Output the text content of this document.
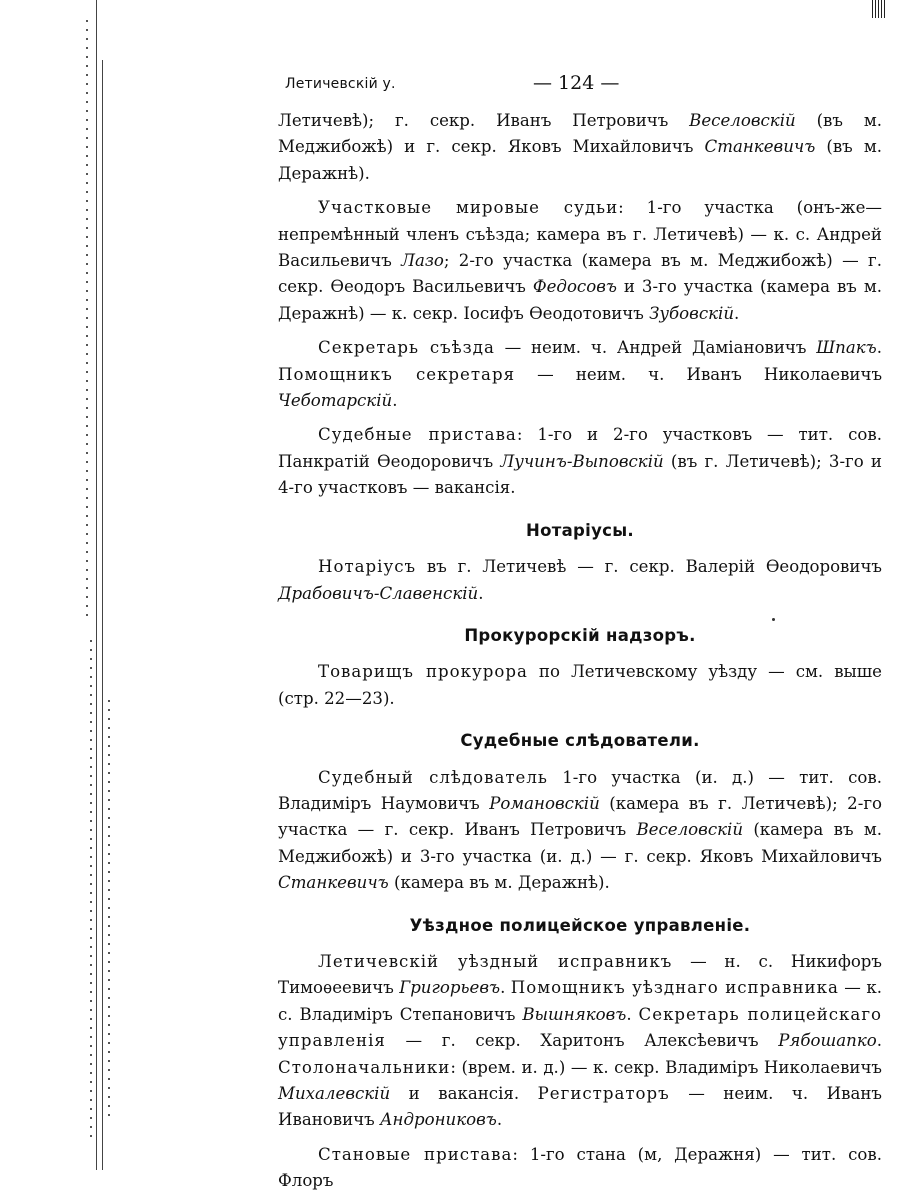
Летичевскій у.	— 124 —

Летичевѣ); г. секр. Иванъ Петровичъ Веселовскій (въ м. Меджибожѣ) и г. секр. Яковъ Михайловичъ Станкевичъ (въ м. Деражнѣ).

Участковые мировые судьи: 1-го участка (онъ-же—непремѣнный членъ съѣзда; камера въ г. Летичевѣ) — к. с. Андрей Васильевичъ Лазо; 2-го участка (камера въ м. Меджибожѣ) — г. секр. Ѳеодоръ Васильевичъ Федосовъ и 3-го участка (камера въ м. Деражнѣ) — к. секр. Іосифъ Ѳеодотовичъ Зубовскій.

Секретарь съѣзда — неим. ч. Андрей Даміановичъ Шпакъ. Помощникъ секретаря — неим. ч. Иванъ Николаевичъ Чеботарскій.

Судебные пристава: 1-го и 2-го участковъ — тит. сов. Панкратій Ѳеодоровичъ Лучинъ-Выповскій (въ г. Летичевѣ); 3-го и 4-го участковъ — вакансія.

Нотаріусы.

Нотаріусъ въ г. Летичевѣ — г. секр. Валерій Ѳеодоровичъ Драбовичъ-Славенскій.

Прокурорскій надзоръ.

Товарищъ прокурора по Летичевскому уѣзду — см. выше (стр. 22—23).

Судебные слѣдователи.

Судебный слѣдователь 1-го участка (и. д.) — тит. сов. Владиміръ Наумовичъ Романовскій (камера въ г. Летичевѣ); 2-го участка — г. секр. Иванъ Петровичъ Веселовскій (камера въ м. Меджибожѣ) и 3-го участка (и. д.) — г. секр. Яковъ Михайловичъ Станкевичъ (камера въ м. Деражнѣ).

Уѣздное полицейское управленіе.

Летичевскій уѣздный исправникъ — н. с. Никифоръ Тимоѳеевичъ Григорьевъ. Помощникъ уѣзднаго исправника — к. с. Владиміръ Степановичъ Вышняковъ. Секретарь полицейскаго управленія — г. секр. Харитонъ Алексѣевичъ Рябошапко. Столоначальники: (врем. и. д.) — к. секр. Владиміръ Николаевичъ Михалевскій и вакансія. Регистраторъ — неим. ч. Иванъ Ивановичъ Андрониковъ.

Становые пристава: 1-го стана (м, Деражня) — тит. сов. Флоръ
